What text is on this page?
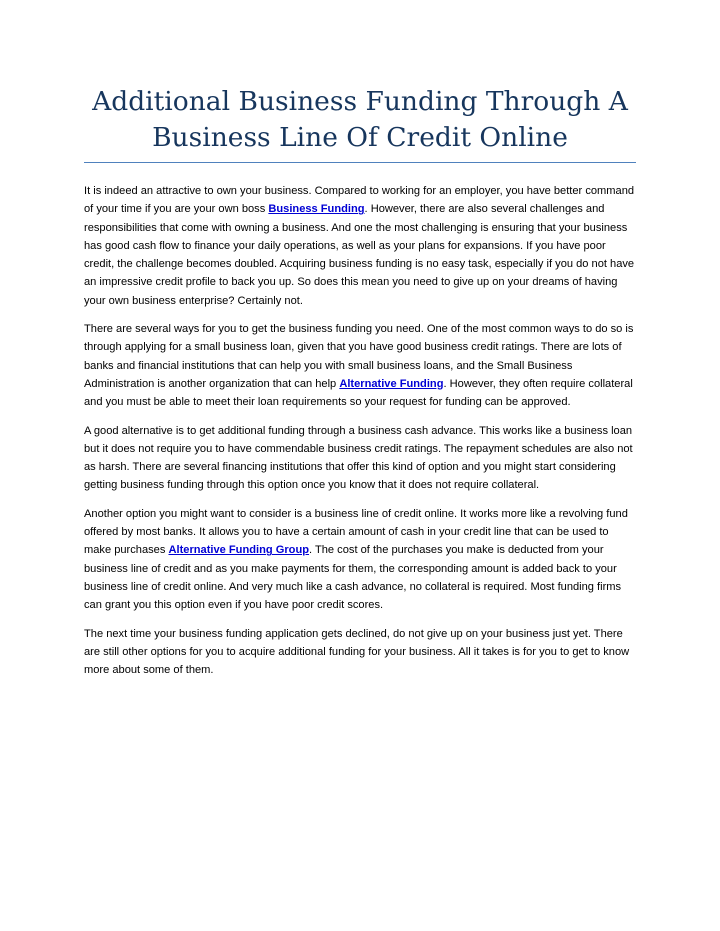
Additional Business Funding Through A Business Line Of Credit Online

It is indeed an attractive to own your business. Compared to working for an employer, you have better command of your time if you are your own boss Business Funding. However, there are also several challenges and responsibilities that come with owning a business. And one the most challenging is ensuring that your business has good cash flow to finance your daily operations, as well as your plans for expansions. If you have poor credit, the challenge becomes doubled. Acquiring business funding is no easy task, especially if you do not have an impressive credit profile to back you up. So does this mean you need to give up on your dreams of having your own business enterprise? Certainly not.

There are several ways for you to get the business funding you need. One of the most common ways to do so is through applying for a small business loan, given that you have good business credit ratings. There are lots of banks and financial institutions that can help you with small business loans, and the Small Business Administration is another organization that can help Alternative Funding. However, they often require collateral and you must be able to meet their loan requirements so your request for funding can be approved.

A good alternative is to get additional funding through a business cash advance. This works like a business loan but it does not require you to have commendable business credit ratings. The repayment schedules are also not as harsh. There are several financing institutions that offer this kind of option and you might start considering getting business funding through this option once you know that it does not require collateral.

Another option you might want to consider is a business line of credit online. It works more like a revolving fund offered by most banks. It allows you to have a certain amount of cash in your credit line that can be used to make purchases Alternative Funding Group. The cost of the purchases you make is deducted from your business line of credit and as you make payments for them, the corresponding amount is added back to your business line of credit online. And very much like a cash advance, no collateral is required. Most funding firms can grant you this option even if you have poor credit scores.

The next time your business funding application gets declined, do not give up on your business just yet. There are still other options for you to acquire additional funding for your business. All it takes is for you to get to know more about some of them.
